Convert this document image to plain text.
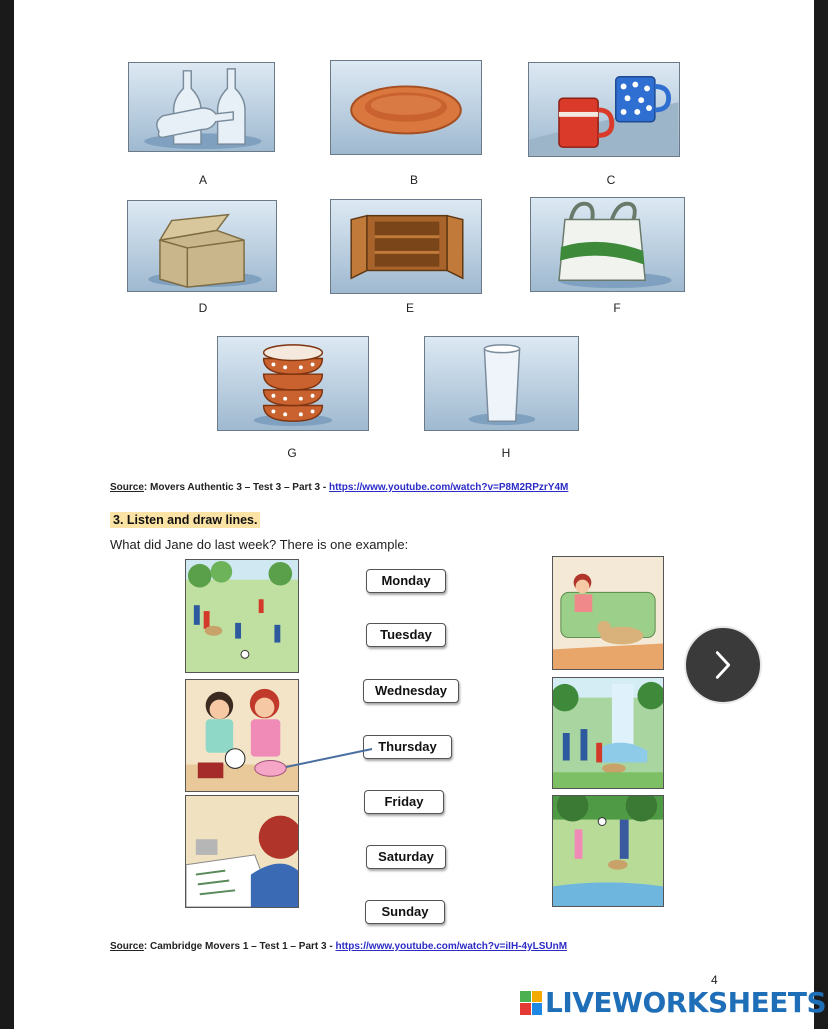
A	B	C
D	E	F
G	H
Source: Movers Authentic 3 – Test 3 – Part 3 - https://www.youtube.com/watch?v=P8M2RPzrY4M
3. Listen and draw lines.
What did Jane do last week? There is one example:
Monday
Tuesday
Wednesday
Thursday
Friday
Saturday
Sunday
Source: Cambridge Movers 1 – Test 1 – Part 3 - https://www.youtube.com/watch?v=iIH-4yLSUnM
4
LIVEWORKSHEETS
